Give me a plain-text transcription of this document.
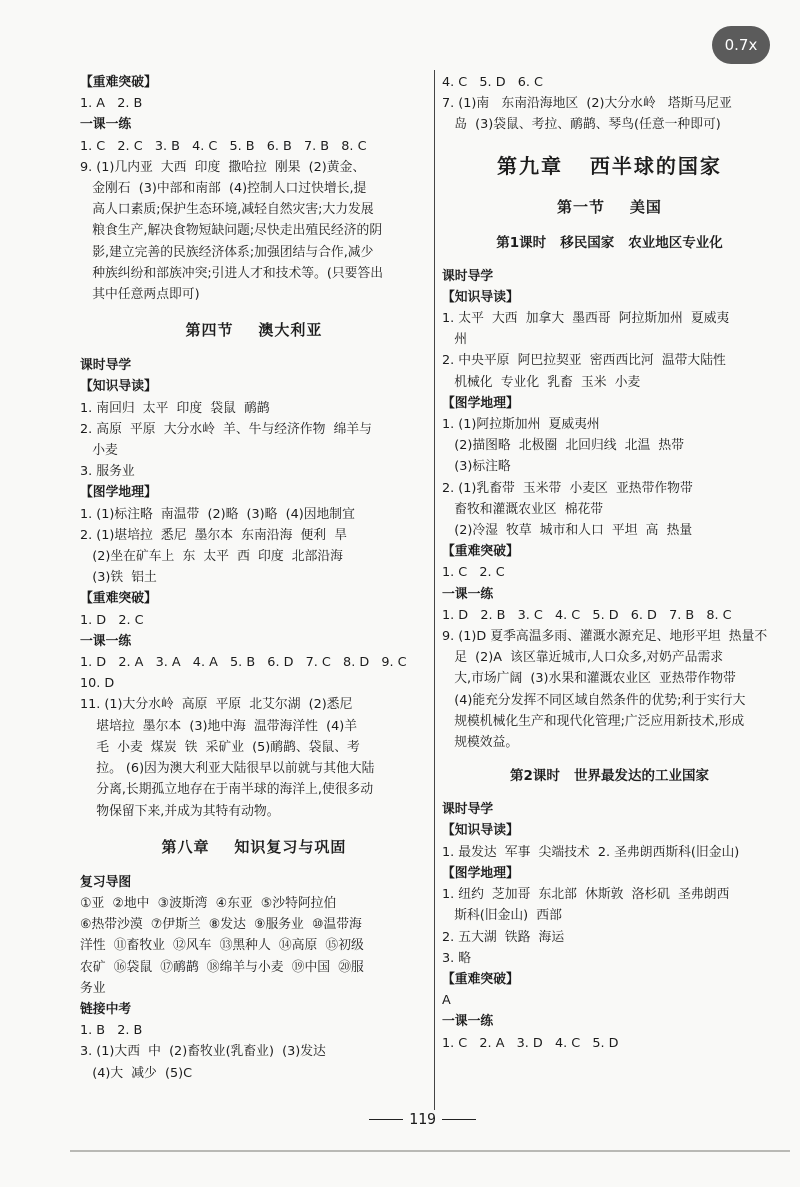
0.7x
【重难突破】
1. A   2. B
一课一练
1. C   2. C   3. B   4. C   5. B   6. B   7. B   8. C
9. (1)几内亚  大西  印度  撒哈拉  刚果  (2)黄金、
金刚石  (3)中部和南部  (4)控制人口过快增长,提
高人口素质;保护生态环境,减轻自然灾害;大力发展
粮食生产,解决食物短缺问题;尽快走出殖民经济的阴
影,建立完善的民族经济体系;加强团结与合作,减少
种族纠纷和部族冲突;引进人才和技术等。(只要答出
其中任意两点即可)
第四节    澳大利亚
课时导学
【知识导读】
1. 南回归  太平  印度  袋鼠  鸸鹋
2. 高原  平原  大分水岭  羊、牛与经济作物  绵羊与
小麦
3. 服务业
【图学地理】
1. (1)标注略  南温带  (2)略  (3)略  (4)因地制宜
2. (1)堪培拉  悉尼  墨尔本  东南沿海  便利  旱
(2)坐在矿车上  东  太平  西  印度  北部沿海
(3)铁  铝土
【重难突破】
1. D   2. C
一课一练
1. D   2. A   3. A   4. A   5. B   6. D   7. C   8. D   9. C
10. D
11. (1)大分水岭  高原  平原  北艾尔湖  (2)悉尼
堪培拉  墨尔本  (3)地中海  温带海洋性  (4)羊
毛  小麦  煤炭  铁  采矿业  (5)鸸鹋、袋鼠、考
拉。 (6)因为澳大利亚大陆很早以前就与其他大陆
分离,长期孤立地存在于南半球的海洋上,使很多动
物保留下来,并成为其特有动物。
第八章    知识复习与巩固
复习导图
①亚  ②地中  ③波斯湾  ④东亚  ⑤沙特阿拉伯
⑥热带沙漠  ⑦伊斯兰  ⑧发达  ⑨服务业  ⑩温带海
洋性  ⑪畜牧业  ⑫风车  ⑬黑种人  ⑭高原  ⑮初级
农矿  ⑯袋鼠  ⑰鸸鹋  ⑱绵羊与小麦  ⑲中国  ⑳服
务业
链接中考
1. B   2. B
3. (1)大西  中  (2)畜牧业(乳畜业)  (3)发达
(4)大  减少  (5)C
4. C   5. D   6. C
7. (1)南   东南沿海地区  (2)大分水岭   塔斯马尼亚
岛  (3)袋鼠、考拉、鸸鹋、琴鸟(任意一种即可)
第九章   西半球的国家
第一节    美国
第1课时   移民国家   农业地区专业化
课时导学
【知识导读】
1. 太平  大西  加拿大  墨西哥  阿拉斯加州  夏威夷
州
2. 中央平原  阿巴拉契亚  密西西比河  温带大陆性
机械化  专业化  乳畜  玉米  小麦
【图学地理】
1. (1)阿拉斯加州  夏威夷州
(2)描图略  北极圈  北回归线  北温  热带
(3)标注略
2. (1)乳畜带  玉米带  小麦区  亚热带作物带
畜牧和灌溉农业区  棉花带
(2)冷湿  牧草  城市和人口  平坦  高  热量
【重难突破】
1. C   2. C
一课一练
1. D   2. B   3. C   4. C   5. D   6. D   7. B   8. C
9. (1)D 夏季高温多雨、灌溉水源充足、地形平坦  热量不
足  (2)A  该区靠近城市,人口众多,对奶产品需求
大,市场广阔  (3)水果和灌溉农业区  亚热带作物带
(4)能充分发挥不同区域自然条件的优势;利于实行大
规模机械化生产和现代化管理;广泛应用新技术,形成
规模效益。
第2课时   世界最发达的工业国家
课时导学
【知识导读】
1. 最发达  军事  尖端技术  2. 圣弗朗西斯科(旧金山)
【图学地理】
1. 纽约  芝加哥  东北部  休斯敦  洛杉矶  圣弗朗西
斯科(旧金山)  西部
2. 五大湖  铁路  海运
3. 略
【重难突破】
A
一课一练
1. C   2. A   3. D   4. C   5. D
119
